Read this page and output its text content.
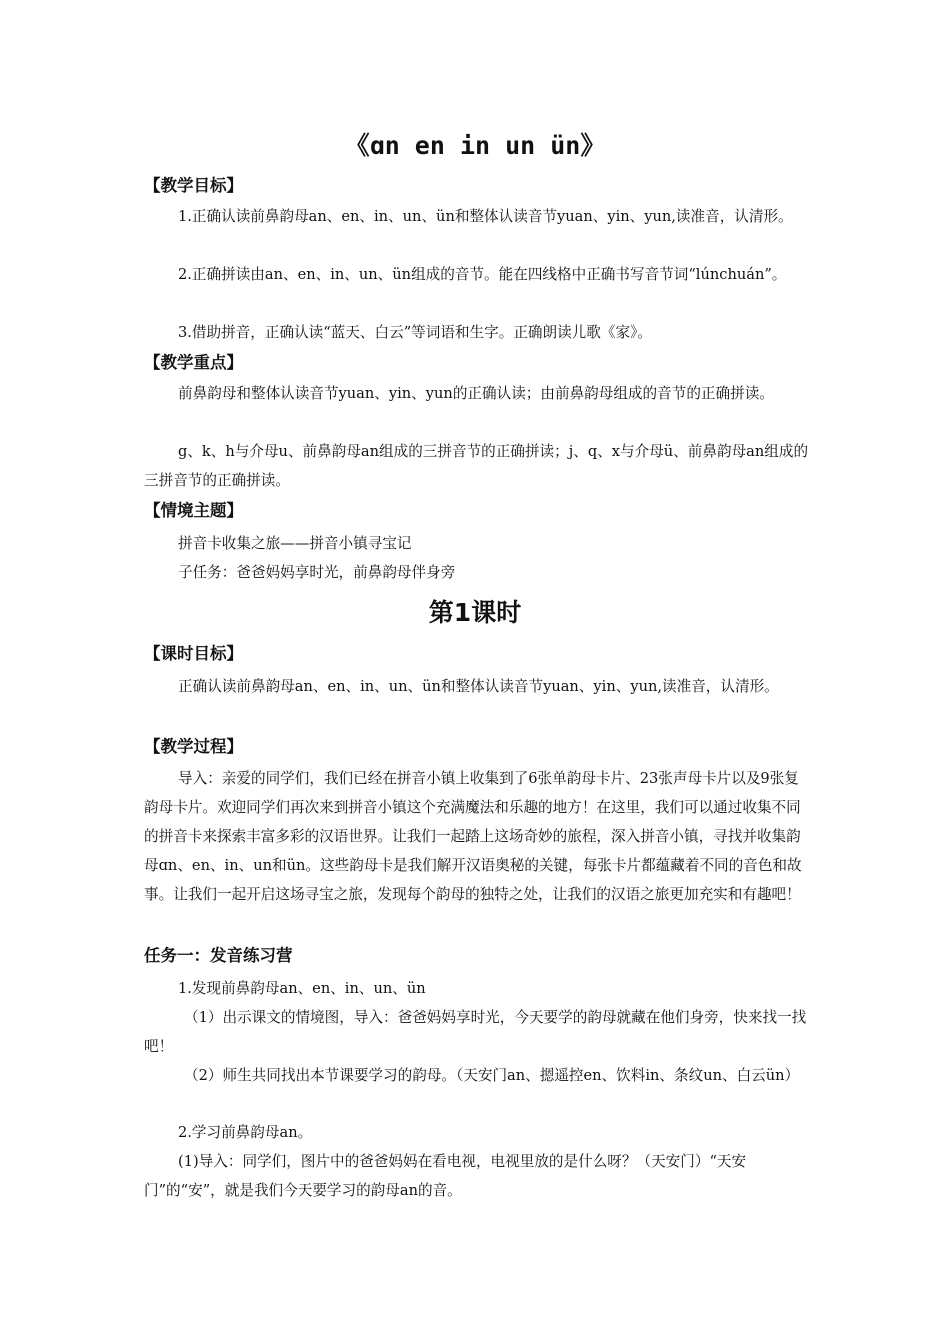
《ɑn en in un ün》
【教学目标】

1.正确认读前鼻韵母an、en、in、un、ün和整体认读音节yuan、yin、yun,读准音，认清形。

2.正确拼读由an、en、in、un、ün组成的音节。能在四线格中正确书写音节词“lúnchuán”。

3.借助拼音，正确认读“蓝天、白云”等词语和生字。正确朗读儿歌《家》。

【教学重点】

前鼻韵母和整体认读音节yuan、yin、yun的正确认读；由前鼻韵母组成的音节的正确拼读。

g、k、h与介母u、前鼻韵母an组成的三拼音节的正确拼读；j、q、x与介母ü、前鼻韵母an组成的三拼音节的正确拼读。

【情境主题】

拼音卡收集之旅——拼音小镇寻宝记

子任务：爸爸妈妈享时光，前鼻韵母伴身旁

第1课时
【课时目标】

正确认读前鼻韵母an、en、in、un、ün和整体认读音节yuan、yin、yun,读准音，认清形。

【教学过程】

导入：亲爱的同学们，我们已经在拼音小镇上收集到了6张单韵母卡片、23张声母卡片以及9张复韵母卡片。欢迎同学们再次来到拼音小镇这个充满魔法和乐趣的地方！在这里，我们可以通过收集不同的拼音卡来探索丰富多彩的汉语世界。让我们一起踏上这场奇妙的旅程，深入拼音小镇，寻找并收集韵母ɑn、en、in、un和ün。这些韵母卡是我们解开汉语奥秘的关键，每张卡片都蕴藏着不同的音色和故事。让我们一起开启这场寻宝之旅，发现每个韵母的独特之处，让我们的汉语之旅更加充实和有趣吧！

任务一：发音练习营

1.发现前鼻韵母an、en、in、un、ün

（1）出示课文的情境图，导入：爸爸妈妈享时光，今天要学的韵母就藏在他们身旁，快来找一找吧！

（2）师生共同找出本节课要学习的韵母。（天安门an、摁遥控en、饮料in、条纹un、白云ün）

2.学习前鼻韵母an。

(1)导入：同学们，图片中的爸爸妈妈在看电视，电视里放的是什么呀？（天安门）“天安门”的“安”，就是我们今天要学习的韵母an的音。
